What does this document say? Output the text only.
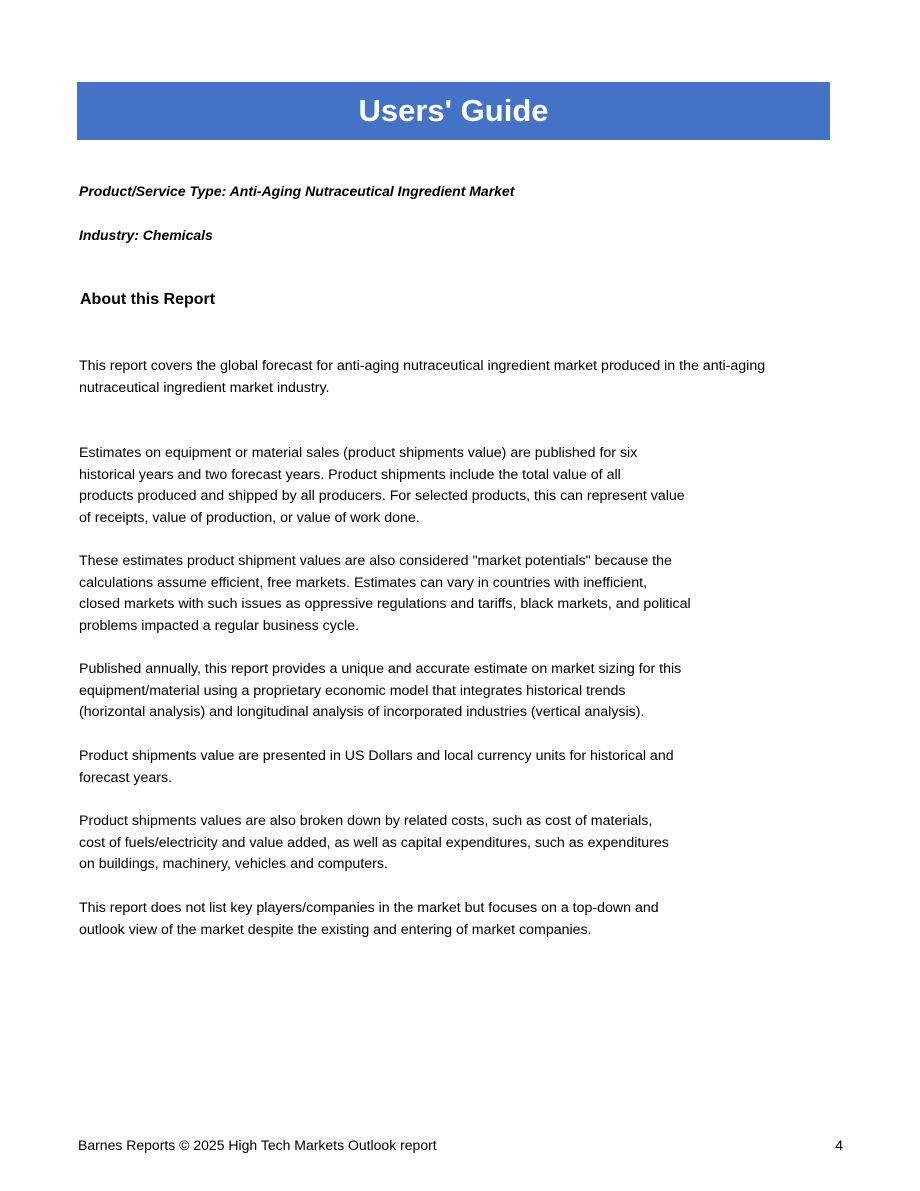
Users' Guide
Product/Service Type: Anti-Aging Nutraceutical Ingredient Market
Industry: Chemicals
About this Report

This report covers the global forecast for anti-aging nutraceutical ingredient market produced in the anti-aging
nutraceutical ingredient market industry.

Estimates on equipment or material sales (product shipments value) are published for six
historical years and two forecast years. Product shipments include the total value of all
products produced and shipped by all producers. For selected products, this can represent value
of receipts, value of production, or value of work done.

These estimates product shipment values are also considered "market potentials" because the
calculations assume efficient, free markets. Estimates can vary in countries with inefficient,
closed markets with such issues as oppressive regulations and tariffs, black markets, and political
problems impacted a regular business cycle.

Published annually, this report provides a unique and accurate estimate on market sizing for this
equipment/material using a proprietary economic model that integrates historical trends
(horizontal analysis) and longitudinal analysis of incorporated industries (vertical analysis).

Product shipments value are presented in US Dollars and local currency units for historical and
forecast years.

Product shipments values are also broken down by related costs, such as cost of materials,
cost of fuels/electricity and value added, as well as capital expenditures, such as expenditures
on buildings, machinery, vehicles and computers.

This report does not list key players/companies in the market but focuses on a top-down and
outlook view of the market despite the existing and entering of market companies.

Barnes Reports © 2025 High Tech Markets Outlook report	4
